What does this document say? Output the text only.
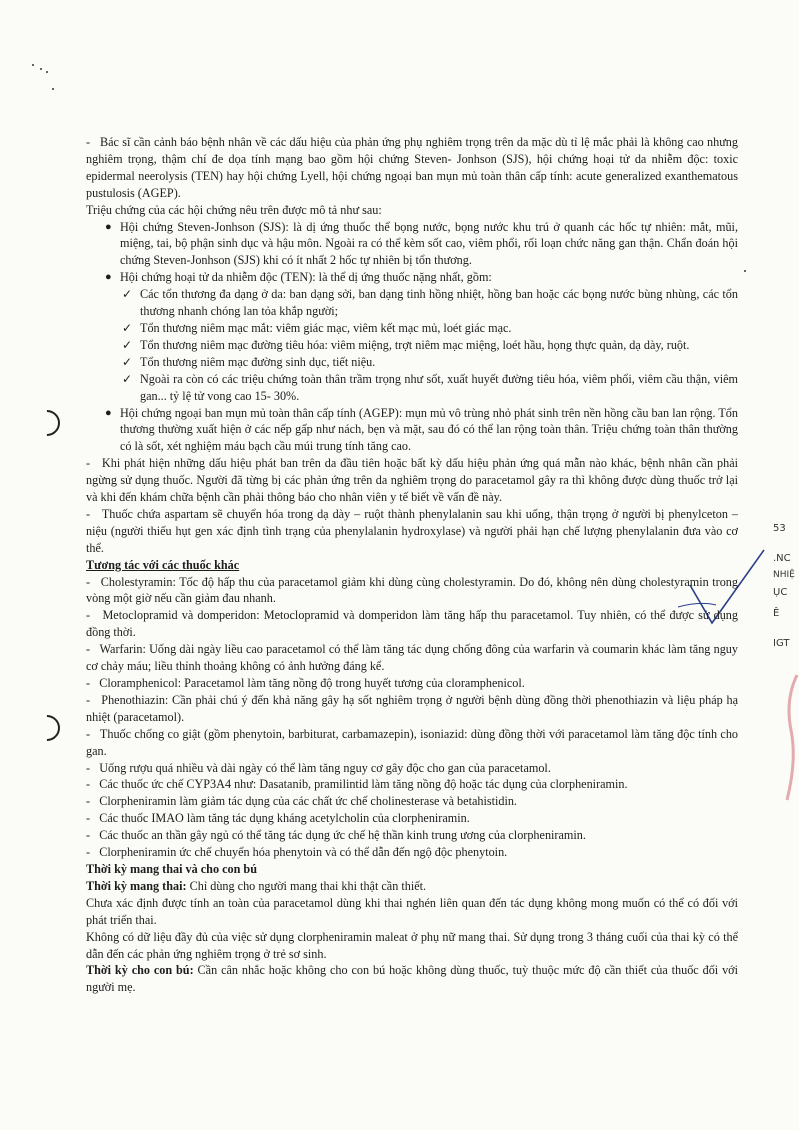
53
.NC
NHIỆ
ỤC
Ê
IGT

-   Bác sĩ cần cảnh báo bệnh nhân về các dấu hiệu của phản ứng phụ nghiêm trọng trên da mặc dù tỉ lệ mắc phải là không cao nhưng nghiêm trọng, thậm chí đe dọa tính mạng bao gồm hội chứng Steven- Jonhson (SJS), hội chứng hoại tử da nhiễm độc: toxic epidermal neerolysis (TEN) hay hội chứng Lyell, hội chứng ngoại ban mụn mủ toàn thân cấp tính: acute generalized exanthematous pustulosis (AGEP).

Triệu chứng của các hội chứng nêu trên được mô tả như sau:

● Hội chứng Steven-Jonhson (SJS): là dị ứng thuốc thể bọng nước, bọng nước khu trú ở quanh các hốc tự nhiên: mắt, mũi, miệng, tai, bộ phận sinh dục và hậu môn. Ngoài ra có thể kèm sốt cao, viêm phổi, rối loạn chức năng gan thận. Chẩn đoán hội chứng Steven-Jonhson (SJS) khi có ít nhất 2 hốc tự nhiên bị tổn thương.

● Hội chứng hoại tử da nhiễm độc (TEN): là thể dị ứng thuốc nặng nhất, gồm:

✓ Các tổn thương đa dạng ở da: ban dạng sởi, ban dạng tinh hồng nhiệt, hồng ban hoặc các bọng nước bùng nhùng, các tổn thương nhanh chóng lan tỏa khắp người;

✓ Tổn thương niêm mạc mắt: viêm giác mạc, viêm kết mạc mủ, loét giác mạc.

✓ Tổn thương niêm mạc đường tiêu hóa: viêm miệng, trợt niêm mạc miệng, loét hầu, họng thực quản, dạ dày, ruột.

✓ Tổn thương niêm mạc đường sinh dục, tiết niệu.

✓ Ngoài ra còn có các triệu chứng toàn thân trầm trọng như sốt, xuất huyết đường tiêu hóa, viêm phổi, viêm cầu thận, viêm gan... tỷ lệ tử vong cao 15- 30%.

● Hội chứng ngoại ban mụn mủ toàn thân cấp tính (AGEP): mụn mủ vô trùng nhỏ phát sinh trên nền hồng cầu ban lan rộng. Tổn thương thường xuất hiện ở các nếp gấp như nách, bẹn và mặt, sau đó có thể lan rộng toàn thân. Triệu chứng toàn thân thường có là sốt, xét nghiệm máu bạch cầu múi trung tính tăng cao.

-   Khi phát hiện những dấu hiệu phát ban trên da đầu tiên hoặc bất kỳ dấu hiệu phản ứng quá mẫn nào khác, bệnh nhân cần phải ngừng sử dụng thuốc. Người đã từng bị các phản ứng trên da nghiêm trọng do paracetamol gây ra thì không được dùng thuốc trở lại và khi đến khám chữa bệnh cần phải thông báo cho nhân viên y tế biết về vấn đề này.

-   Thuốc chứa aspartam sẽ chuyển hóa trong dạ dày – ruột thành phenylalanin sau khi uống, thận trọng ở người bị phenylceton – niệu (người thiếu hụt gen xác định tình trạng của phenylalanin hydroxylase) và người phải hạn chế lượng phenylalanin đưa vào cơ thể.

Tương tác với các thuốc khác

-   Cholestyramin: Tốc độ hấp thu của paracetamol giảm khi dùng cùng cholestyramin. Do đó, không nên dùng cholestyramin trong vòng một giờ nếu cần giảm đau nhanh.

-   Metoclopramid và domperidon: Metoclopramid và domperidon làm tăng hấp thu paracetamol. Tuy nhiên, có thể được sử dụng đồng thời.

-   Warfarin: Uống dài ngày liều cao paracetamol có thể làm tăng tác dụng chống đông của warfarin và coumarin khác làm tăng nguy cơ chảy máu; liều thỉnh thoảng không có ảnh hưởng đáng kể.

-   Cloramphenicol: Paracetamol làm tăng nồng độ trong huyết tương của cloramphenicol.

-   Phenothiazin: Cần phải chú ý đến khả năng gây hạ sốt nghiêm trọng ở người bệnh dùng đồng thời phenothiazin và liệu pháp hạ nhiệt (paracetamol).

-   Thuốc chống co giật (gồm phenytoin, barbiturat, carbamazepin), isoniazid: dùng đồng thời với paracetamol làm tăng độc tính cho gan.

-   Uống rượu quá nhiều và dài ngày có thể làm tăng nguy cơ gây độc cho gan của paracetamol.

-   Các thuốc ức chế CYP3A4 như: Dasatanib, pramilintid làm tăng nồng độ hoặc tác dụng của clorpheniramin.

-   Clorpheniramin làm giảm tác dụng của các chất ức chế cholinesterase và betahistidin.

-   Các thuốc IMAO làm tăng tác dụng kháng acetylcholin của clorpheniramin.

-   Các thuốc an thần gây ngủ có thể tăng tác dụng ức chế hệ thần kinh trung ương của clorpheniramin.

-   Clorpheniramin ức chế chuyển hóa phenytoin và có thể dẫn đến ngộ độc phenytoin.

Thời kỳ mang thai và cho con bú

Thời kỳ mang thai: Chỉ dùng cho người mang thai khi thật cần thiết.

Chưa xác định được tính an toàn của paracetamol dùng khi thai nghén liên quan đến tác dụng không mong muốn có thể có đối với phát triển thai.

Không có dữ liệu đầy đủ của việc sử dụng clorpheniramin maleat ở phụ nữ mang thai. Sử dụng trong 3 tháng cuối của thai kỳ có thể dẫn đến các phản ứng nghiêm trọng ở trẻ sơ sinh.

Thời kỳ cho con bú: Cần cân nhắc hoặc không cho con bú hoặc không dùng thuốc, tuỳ thuộc mức độ cần thiết của thuốc đối với người mẹ.
